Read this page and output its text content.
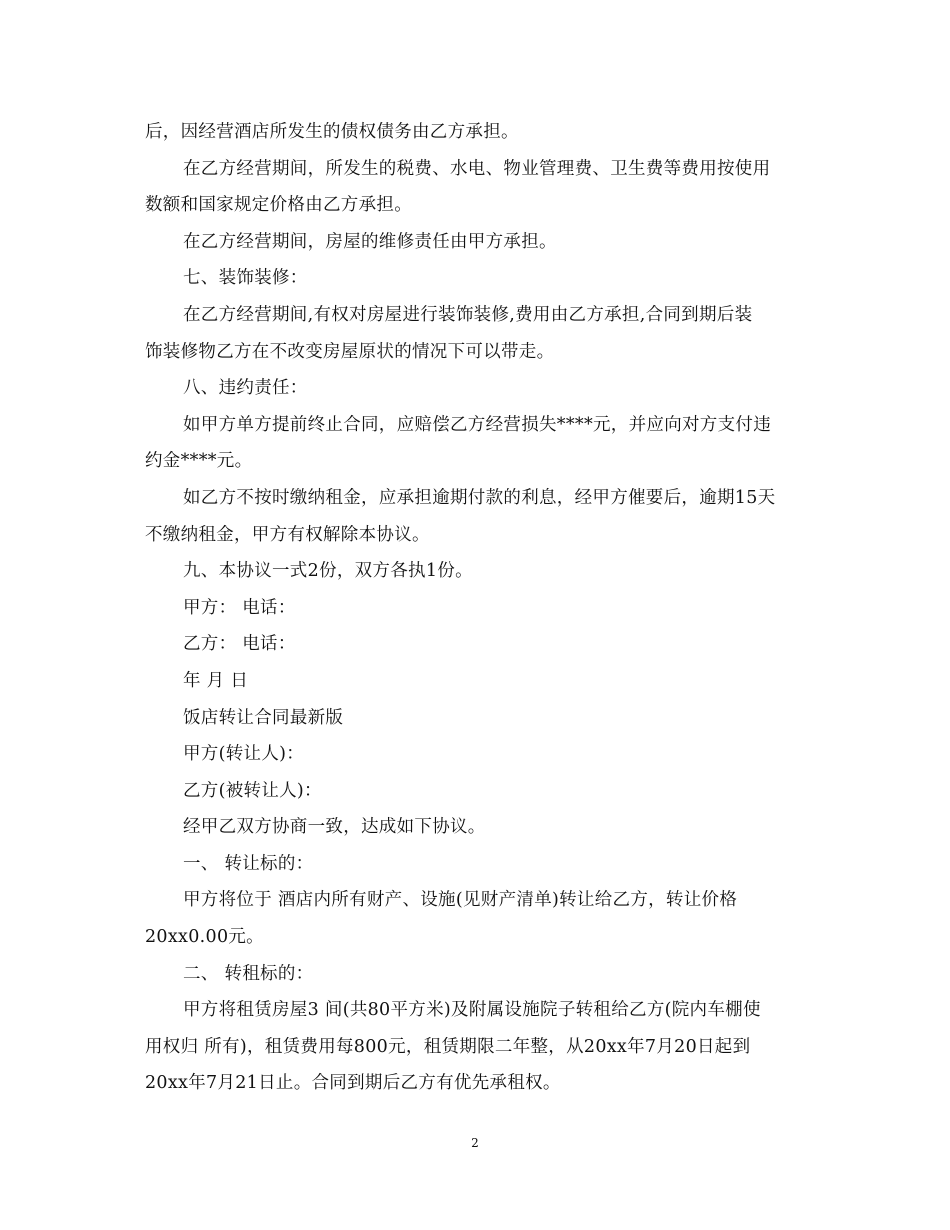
后，因经营酒店所发生的债权债务由乙方承担。
在乙方经营期间，所发生的税费、水电、物业管理费、卫生费等费用按使用
数额和国家规定价格由乙方承担。
在乙方经营期间，房屋的维修责任由甲方承担。
七、装饰装修：
在乙方经营期间,有权对房屋进行装饰装修,费用由乙方承担,合同到期后装
饰装修物乙方在不改变房屋原状的情况下可以带走。
八、违约责任：
如甲方单方提前终止合同，应赔偿乙方经营损失****元，并应向对方支付违
约金****元。
如乙方不按时缴纳租金，应承担逾期付款的利息，经甲方催要后，逾期15天
不缴纳租金，甲方有权解除本协议。
九、本协议一式2份，双方各执1份。
甲方： 电话：
乙方： 电话：
年 月 日
饭店转让合同最新版
甲方(转让人)：
乙方(被转让人)：
经甲乙双方协商一致，达成如下协议。
一、 转让标的：
甲方将位于 酒店内所有财产、设施(见财产清单)转让给乙方，转让价格
20xx0.00元。
二、 转租标的：
甲方将租赁房屋3 间(共80平方米)及附属设施院子转租给乙方(院内车棚使
用权归 所有)，租赁费用每800元，租赁期限二年整，从20xx年7月20日起到
20xx年7月21日止。合同到期后乙方有优先承租权。
2
